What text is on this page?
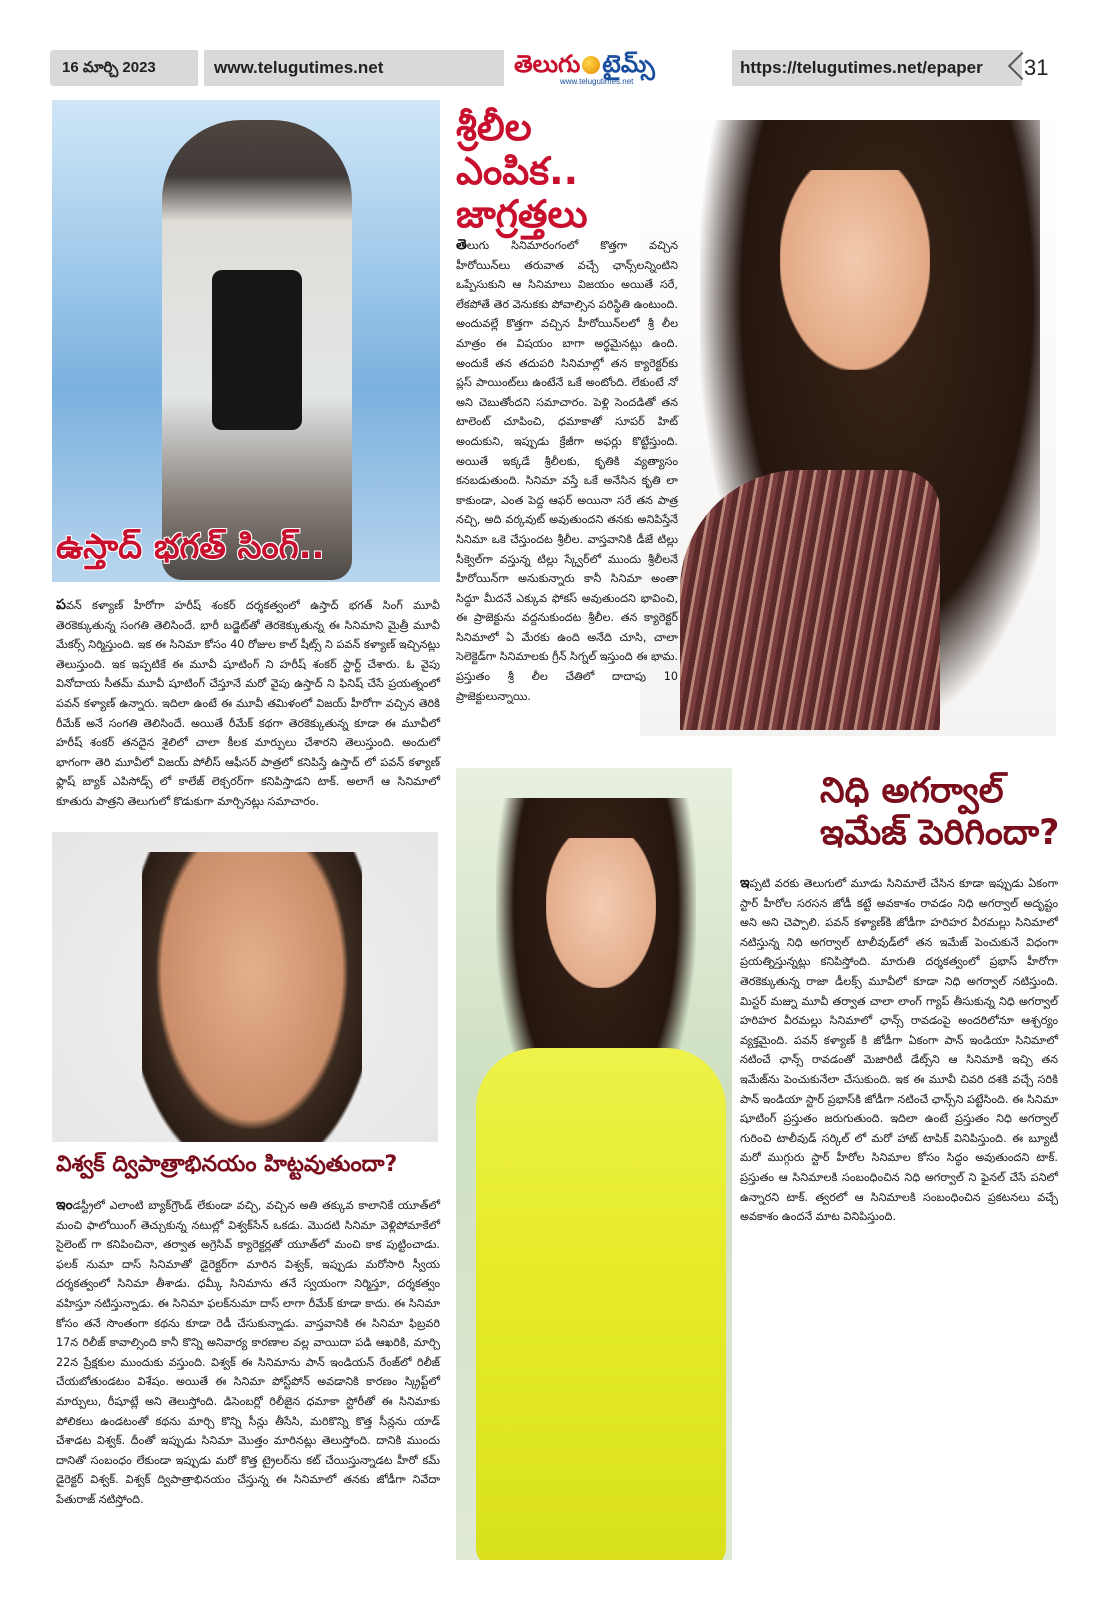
16 మార్చి 2023	www.telugutimes.net	తెలుగు టైమ్స్
www.telugutimes.net
https://telugutimes.net/epaper	31
శ్రీలీల ఎంపిక.. జాగ్రత్తలు
ఉస్తాద్ భగత్ సింగ్..
నిధి అగర్వాల్ ఇమేజ్ పెరిగిందా?
విశ్వక్ ద్విపాత్రాభినయం హిట్టవుతుందా?
తెలుగు సినిమారంగంలో కొత్తగా వచ్చిన హీరోయిన్‌లు తరువాత వచ్చే ఛాన్స్‌లన్నింటిని ఒప్పేసుకుని ఆ సినిమాలు విజయం అయితే సరే, లేకపోతే తెర వెనుకకు పోవాల్సిన పరిస్థితి ఉంటుంది. అందువల్లే కొత్తగా వచ్చిన హీరోయిన్‌లలో శ్రీ లీల మాత్రం ఈ విషయం బాగా అర్థమైనట్లు ఉంది. అందుకే తన తదుపరి సినిమాల్లో తన క్యారెక్టర్‌కు ప్లస్ పాయింట్‌లు ఉంటేనే ఒకే అంటోంది. లేకుంటే నో అని చెబుతోందని సమాచారం. పెళ్లి సెందడితో తన టాలెంట్ చూపించి, ధమాకాతో సూపర్ హిట్ అందుకుని, ఇప్పుడు క్రేజీగా అఫర్లు కొట్టేస్తుంది. అయితే ఇక్కడే శ్రీలీలకు, కృతికి వ్యత్యాసం కనబడుతుంది. సినిమా వస్తే ఒకే అనేసిన కృతి లా కాకుండా, ఎంత పెద్ద ఆఫర్ అయినా సరే తన పాత్ర నచ్చి, అది వర్కవుట్ అవుతుందని తనకు అనిపిస్తేనే సినిమా ఒకె చేస్తుందట శ్రీలీల. వాస్తవానికి డీజే టిల్లు సీక్వెల్‌గా వస్తున్న టిల్లు స్క్వేర్‌లో ముందు శ్రీలీలనే హీరోయిన్‌గా అనుకున్నారు కానీ సినిమా అంతా సిద్ధూ మీదనే ఎక్కువ ఫోకస్ అవుతుందని భావించి, ఈ ప్రాజెక్టును వద్దనుకుందట శ్రీలీల. తన క్యారెక్టర్ సినిమాలో ఏ మేరకు ఉంది అనేది చూసి, చాలా సెలెక్టెడ్‌గా సినిమాలకు గ్రీన్ సిగ్నల్ ఇస్తుంది ఈ భామ. ప్రస్తుతం శ్రీ లీల చేతిలో దాదాపు 10 ప్రాజెక్టులున్నాయి.
పవన్ కళ్యాణ్ హీరోగా హరీష్ శంకర్ దర్శకత్వంలో ఉస్తాద్ భగత్ సింగ్ మూవీ తెరకెక్కుతున్న సంగతి తెలిసిందే. భారీ బడ్జెట్‌తో తెరకెక్కుతున్న ఈ సినిమాని మైత్రీ మూవీ మేకర్స్ నిర్మిస్తుంది. ఇక ఈ సినిమా కోసం 40 రోజుల కాల్ షీట్స్ ని పవన్ కళ్యాణ్ ఇచ్చినట్లు తెలుస్తుంది. ఇక ఇప్పటికే ఈ మూవీ షూటింగ్ ని హరీష్ శంకర్ స్టార్ట్ చేశారు. ఓ వైపు వినోదాయ సీతమ్ మూవీ షూటింగ్ చేస్తూనే మరో వైపు ఉస్తాద్ ని ఫినిష్ చేసే ప్రయత్నంలో పవన్ కళ్యాణ్ ఉన్నారు. ఇదిలా ఉంటే ఈ మూవీ తమిళంలో విజయ్ హీరోగా వచ్చిన తెరికి రీమేక్ అనే సంగతి తెలిసిందే. అయితే రీమేక్ కథగా తెరకెక్కుతున్న కూడా ఈ మూవీలో హరీష్ శంకర్ తనదైన శైలిలో చాలా కీలక మార్పులు చేశారని తెలుస్తుంది. అందులో భాగంగా తెరి మూవీలో విజయ్ పోలీస్ ఆఫీసర్ పాత్రలో కనిపిస్తే ఉస్తాద్ లో పవన్ కళ్యాణ్ ఫ్లాష్ బ్యాక్ ఎపిసోడ్స్ లో కాలేజ్ లెక్చరర్‌గా కనిపిస్తాడని టాక్. అలాగే ఆ సినిమాలో కూతురు పాత్రని తెలుగులో కొడుకుగా మార్చినట్లు సమాచారం.
ఇప్పటి వరకు తెలుగులో మూడు సినిమాలే చేసిన కూడా ఇప్పుడు ఏకంగా స్టార్ హీరోల సరసన జోడీ కట్టే అవకాశం రావడం నిధి అగర్వాల్ అదృష్టం అని అని చెప్పాలి. పవన్ కళ్యాణ్‌కి జోడీగా హరిహర వీరమల్లు సినిమాలో నటిస్తున్న నిధి అగర్వాల్ టాలీవుడ్‌లో తన ఇమేజ్ పెంచుకునే విధంగా ప్రయత్నిస్తున్నట్లు కనిపిస్తోంది. మారుతి దర్శకత్వంలో ప్రభాస్ హీరోగా తెరకెక్కుతున్న రాజా డీలక్స్ మూవీలో కూడా నిధి అగర్వాల్ నటిస్తుంది. మిస్టర్ మజ్ను మూవీ తర్వాత చాలా లాంగ్ గ్యాప్ తీసుకున్న నిధి అగర్వాల్ హరిహర వీరమల్లు సినిమాలో ఛాన్స్ రావడంపై అందరిలోనూ ఆశ్చర్యం వ్యక్తమైంది. పవన్ కళ్యాణ్ కి జోడీగా ఏకంగా పాన్ ఇండియా సినిమాలో నటించే ఛాన్స్ రావడంతో మెజారిటీ డేట్స్‌ని ఆ సినిమాకి ఇచ్చి తన ఇమేజ్‌ను పెంచుకునేలా చేసుకుంది. ఇక ఈ మూవీ చివరి దశకి వచ్చే సరికి పాన్ ఇండియా స్టార్ ప్రభాస్‌కి జోడీగా నటించే ఛాన్స్‌ని పట్టేసింది. ఈ సినిమా షూటింగ్ ప్రస్తుతం జరుగుతుంది. ఇదిలా ఉంటే ప్రస్తుతం నిధి అగర్వాల్ గురించి టాలీవుడ్ సర్కిల్ లో మరో హాట్ టాపిక్ వినిపిస్తుంది. ఈ బ్యూటీ మరో ముగ్గురు స్టార్ హీరోల సినిమాల కోసం సిద్ధం అవుతుందని టాక్. ప్రస్తుతం ఆ సినిమాలకి సంబంధించిన నిధి అగర్వాల్ ని ఫైనల్ చేసే పనిలో ఉన్నారని టాక్. త్వరలో ఆ సినిమాలకి సంబంధించిన ప్రకటనలు వచ్చే అవకాశం ఉందనే మాట వినిపిస్తుంది.
ఇండస్ట్రీలో ఎలాంటి బ్యాక్‌గ్రౌండ్ లేకుండా వచ్చి, వచ్చిన అతి తక్కువ కాలానికే యూత్‌లో మంచి ఫాలోయింగ్ తెచ్చుకున్న నటుల్లో విశ్వక్‌సేన్ ఒకడు. మొదటి సినిమా వెళ్లిపోమాకేలో సైలెంట్ గా కనిపించినా, తర్వాత అగ్రెసివ్ క్యారెక్టర్లతో యూత్‌లో మంచి కాక పుట్టించాడు. ఫలక్ నుమా దాస్ సినిమాతో డైరెక్టర్‌గా మారిన విశ్వక్, ఇప్పుడు మరోసారి స్వీయ దర్శకత్వంలో సినిమా తీశాడు. ధమ్కీ సినిమాను తనే స్వయంగా నిర్మిస్తూ, దర్శకత్వం వహిస్తూ నటిస్తున్నాడు. ఈ సినిమా ఫలక్‌నుమా దాస్ లాగా రీమేక్ కూడా కాదు. ఈ సినిమా కోసం తనే సొంతంగా కథను కూడా రెడీ చేసుకున్నాడు. వాస్తవానికి ఈ సినిమా ఫిబ్రవరి 17న రిలీజ్ కావాల్సింది కానీ కొన్ని అనివార్య కారణాల వల్ల వాయిదా పడి ఆఖరికి, మార్చి 22న ప్రేక్షకుల ముందుకు వస్తుంది. విశ్వక్ ఈ సినిమాను పాన్ ఇండియన్ రేంజ్‌లో రిలీజ్ చేయబోతుండటం విశేషం. అయితే ఈ సినిమా పోస్ట్‌పోన్ అవడానికి కారణం స్క్రిప్ట్‌లో మార్పులు, రీషూట్లే అని తెలుస్తోంది. డిసెంబర్లో రిలీజైన ధమాకా స్టోరీతో ఈ సినిమాకు పోలికలు ఉండటంతో కథను మార్చి కొన్ని సీన్లు తీసేసి, మరికొన్ని కొత్త సీన్లను యాడ్ చేశాడట విశ్వక్. దీంతో ఇప్పుడు సినిమా మొత్తం మారినట్లు తెలుస్తోంది. దానికి ముందు దానితో సంబంధం లేకుండా ఇప్పుడు మరో కొత్త ట్రైలర్‌ను కట్ చేయిస్తున్నాడట హీరో కమ్ డైరెక్టర్ విశ్వక్. విశ్వక్ ద్విపాత్రాభినయం చేస్తున్న ఈ సినిమాలో తనకు జోడీగా నివేదా పేతురాజ్ నటిస్తోంది.
